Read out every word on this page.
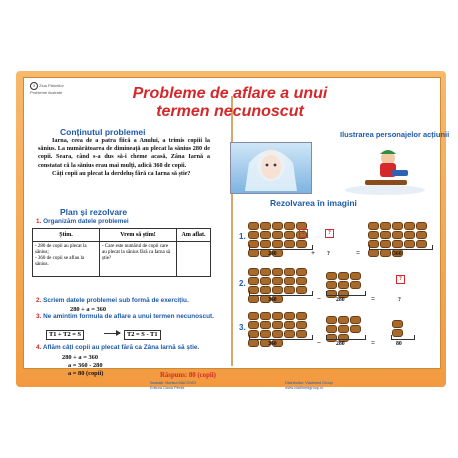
3 Ziua Părinților
Probleme ilustrate	Probleme de aflare a unui termen necunoscut
Conținutul problemei

Iarna, ceea de a patra fiică a Anului, a trimis copiii la sănius. La numărătoarea de dimineață au plecat la sănius 280 de copii. Seara, când s-a dus să-i cheme acasă, Zâna Iarnă a constatat că la sănius erau mai mulți, adică 360 de copii.

Câți copii au plecat la derdeluș fără ca Iarna să știe?

Plan și rezolvare
1. Organizăm datele problemei
Știm.	Vrem să știm!	Am aflat.
- 280 de copii au plecat la sănius;
- 360 de copii se aflau la sănius.	- Care este numărul de copii care au plecat la sănius fără ca Iarna să știe?	
2. Scriem datele problemei sub formă de exercițiu.
280 + a = 360
3. Ne amintim formula de aflare a unui termen necunoscut.
T1 + T2 = S	T2 = S - T1
4. Aflăm câți copii au plecat fără ca Zâna Iarnă să știe.
280 + a = 360
a = 360 - 280
a = 80 (copii)	Răspuns: 80 (copii)
Ilustrarea personajelor acțiunii
Rezolvarea în imagini
1.
280
?	?
+ ?	=	360
2.
360	−	280	=
?
?
3.
360	−	280	=	80
Ilustrații: Monica MACOVEI
Editura Diana Pitești
Distribuitor: Vladimed Group
www.vladimedgroup.ro
